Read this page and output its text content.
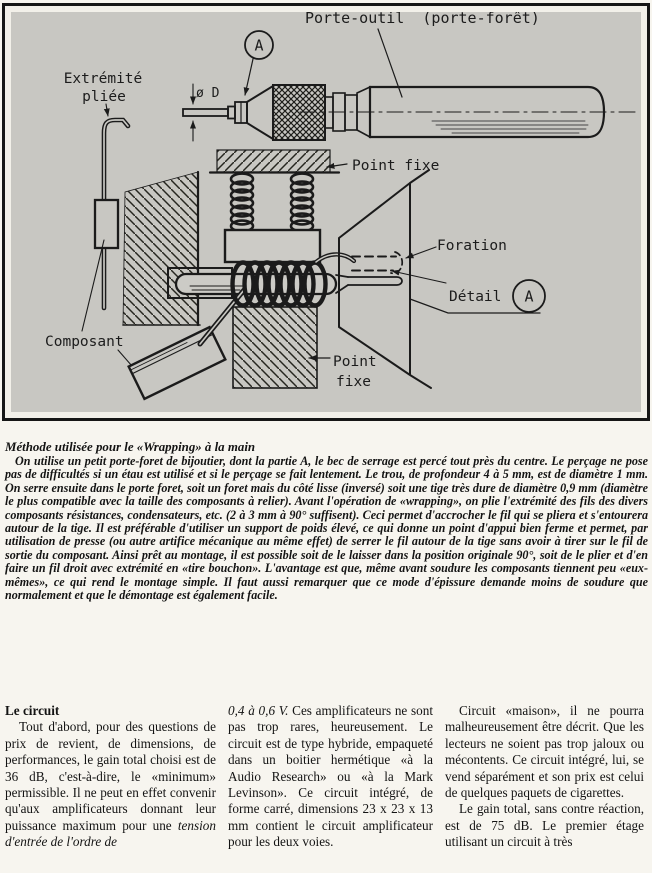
Porte-outil  (porte-forêt)
A
ø D
Extrémité
pliée
Composant
Point fixe
Point
fixe
Foration
Détail A
Méthode utilisée pour le «Wrapping» à la main

On utilise un petit porte-foret de bijoutier, dont la partie A, le bec de serrage est percé tout près du centre. Le perçage ne pose pas de difficultés si un étau est utilisé et si le perçage se fait lentement. Le trou, de profondeur 4 à 5 mm, est de diamètre 1 mm. On serre ensuite dans le porte foret, soit un foret mais du côté lisse (inversé) soit une tige très dure de diamètre 0,9 mm (diamètre le plus compatible avec la taille des composants à relier). Avant l'opération de «wrapping», on plie l'extrémité des fils des divers composants résistances, condensateurs, etc. (2 à 3 mm à 90° suffisent). Ceci permet d'accrocher le fil qui se pliera et s'entourera autour de la tige. Il est préférable d'utiliser un support de poids élevé, ce qui donne un point d'appui bien ferme et permet, par utilisation de presse (ou autre artifice mécanique au même effet) de serrer le fil autour de la tige sans avoir à tirer sur le fil de sortie du composant. Ainsi prêt au montage, il est possible soit de le laisser dans la position originale 90°, soit de le plier et d'en faire un fil droit avec extrémité en «tire bouchon». L'avantage est que, même avant soudure les composants tiennent peu «eux-mêmes», ce qui rend le montage simple. Il faut aussi remarquer que ce mode d'épissure demande moins de soudure que normalement et que le démontage est également facile.

Le circuit

Tout d'abord, pour des questions de prix de revient, de dimensions, de performances, le gain total choisi est de 36 dB, c'est-à-dire, le «minimum» permissible. Il ne peut en effet convenir qu'aux amplificateurs donnant leur puissance maximum pour une tension d'entrée de l'ordre de

0,4 à 0,6 V. Ces amplificateurs ne sont pas trop rares, heureusement. Le circuit est de type hybride, empaqueté dans un boitier hermétique «à la Audio Research» ou «à la Mark Levinson». Ce circuit intégré, de forme carré, dimensions 23 x 23 x 13 mm contient le circuit amplificateur pour les deux voies.

Circuit «maison», il ne pourra malheureusement être décrit. Que les lecteurs ne soient pas trop jaloux ou mécontents. Ce circuit intégré, lui, se vend séparément et son prix est celui de quelques paquets de cigarettes.

Le gain total, sans contre réaction, est de 75 dB. Le premier étage utilisant un circuit à très
